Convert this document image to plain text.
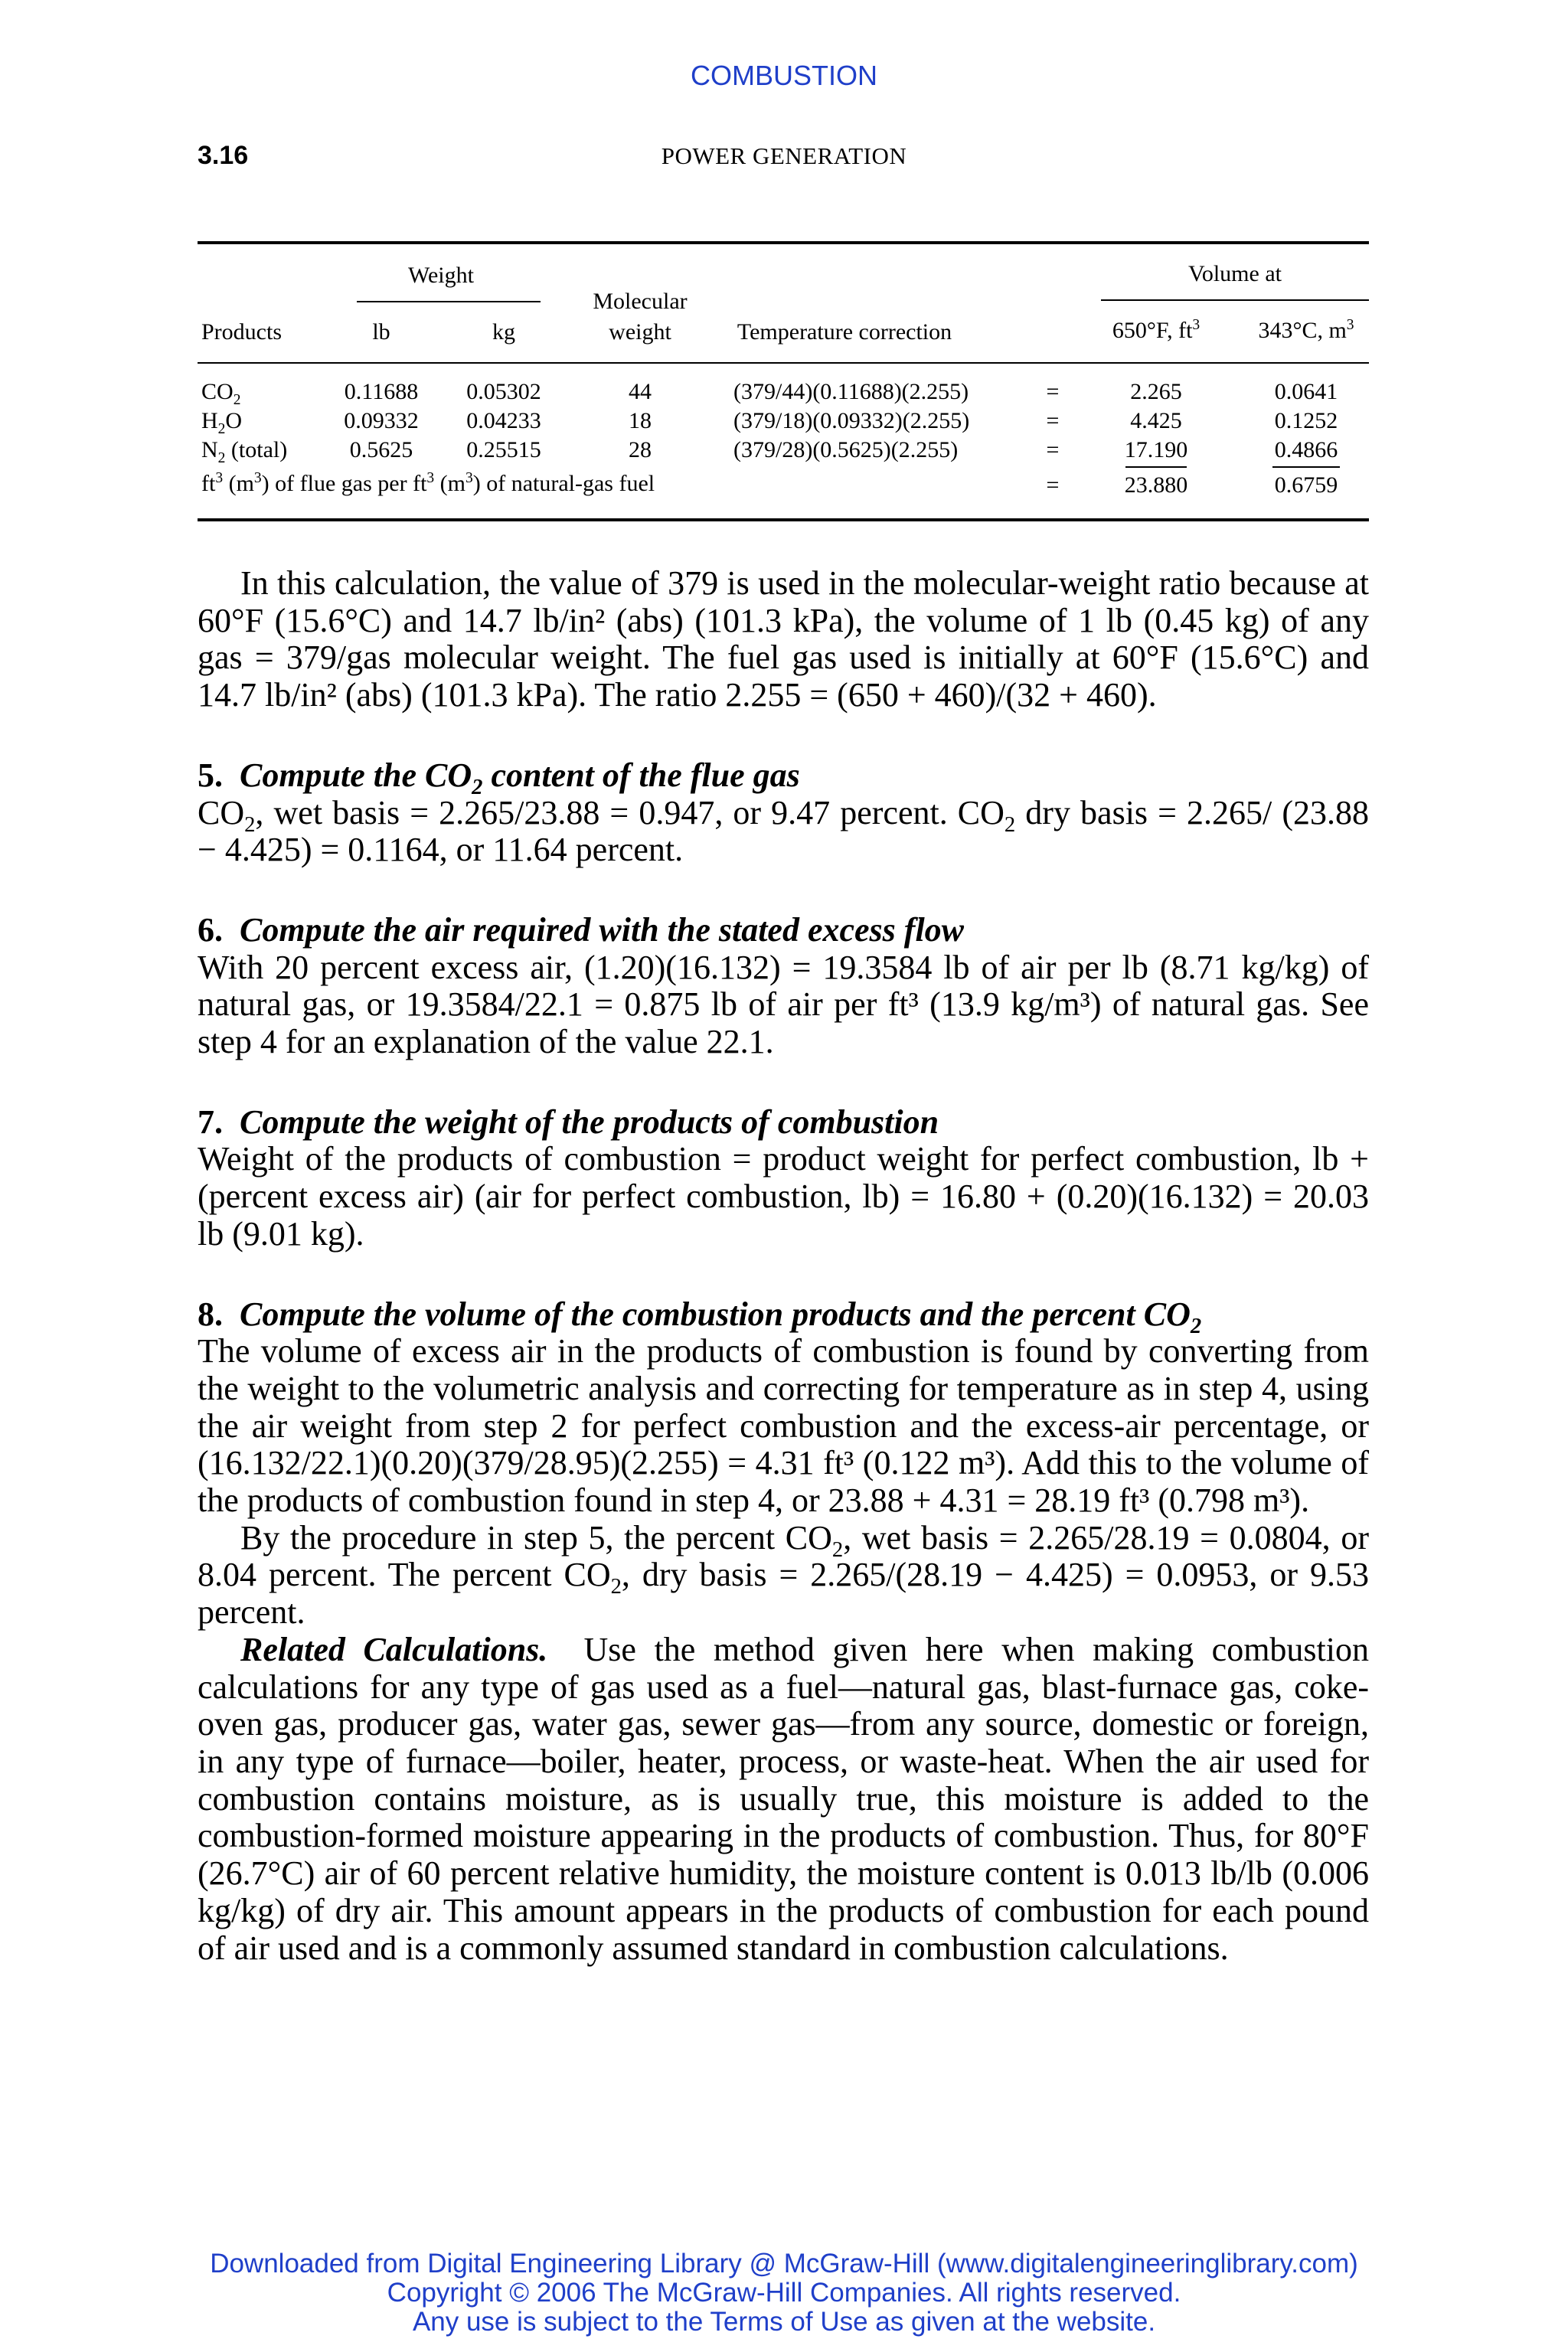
COMBUSTION
3.16	POWER GENERATION
Weight	Volume at
Molecular
Products	lb	kg	weight	Temperature correction	650°F, $ft^3$	343°C, $m^3$
$CO_2$	0.11688 0.05302	44	(379/44)(0.11688)(2.255)	=	2.265	0.0641
$H_2O$	0.09332 0.04233	18	(379/18)(0.09332)(2.255)	=	4.425	0.1252
$N_2$ (total)	0.5625 0.25515	28	(379/28)(0.5625)(2.255)	=	17.190	0.4866
$ft^3$ $(m^3)$ of flue gas per $ft^3$ $(m^3)$ of natural-gas fuel	=	23.880	0.6759

In this calculation, the value of 379 is used in the molecular-weight ratio because at 60°F (15.6°C) and 14.7 lb/in² (abs) (101.3 kPa), the volume of 1 lb (0.45 kg) of any gas = 379/gas molecular weight. The fuel gas used is initially at 60°F (15.6°C) and 14.7 lb/in² (abs) (101.3 kPa). The ratio 2.255 = (650 + 460)/(32 + 460).

5.  Compute the $CO_2$ content of the flue gas

$CO_2$, wet basis = 2.265/23.88 = 0.947, or 9.47 percent. $CO_2$ dry basis = 2.265/ (23.88 − 4.425) = 0.1164, or 11.64 percent.

6. Compute the air required with the stated excess flow

With 20 percent excess air, (1.20)(16.132) = 19.3584 lb of air per lb (8.71 kg/kg) of natural gas, or 19.3584/22.1 = 0.875 lb of air per ft³ (13.9 kg/m³) of natural gas. See step 4 for an explanation of the value 22.1.

7. Compute the weight of the products of combustion

Weight of the products of combustion = product weight for perfect combustion, lb + (percent excess air) (air for perfect combustion, lb) = 16.80 + (0.20)(16.132) = 20.03 lb (9.01 kg).

8.  Compute the volume of the combustion products and the percent $CO_2$

The volume of excess air in the products of combustion is found by converting from the weight to the volumetric analysis and correcting for temperature as in step 4, using the air weight from step 2 for perfect combustion and the excess-air percentage, or (16.132/22.1)(0.20)(379/28.95)(2.255) = 4.31 ft³ (0.122 m³). Add this to the volume of the products of combustion found in step 4, or 23.88 + 4.31 = 28.19 ft³ (0.798 m³).

By the procedure in step 5, the percent $CO_2$, wet basis = 2.265/28.19 = 0.0804, or 8.04 percent. The percent $CO_2$, dry basis = 2.265/(28.19 − 4.425) = 0.0953, or 9.53 percent.

Related Calculations. Use the method given here when making combustion calculations for any type of gas used as a fuel—natural gas, blast-furnace gas, coke-oven gas, producer gas, water gas, sewer gas—from any source, domestic or foreign, in any type of furnace—boiler, heater, process, or waste-heat. When the air used for combustion contains moisture, as is usually true, this moisture is added to the combustion-formed moisture appearing in the products of combustion. Thus, for 80°F (26.7°C) air of 60 percent relative humidity, the moisture content is 0.013 lb/lb (0.006 kg/kg) of dry air. This amount appears in the products of combustion for each pound of air used and is a commonly assumed standard in combustion calculations.

Downloaded from Digital Engineering Library @ McGraw-Hill (www.digitalengineeringlibrary.com)
Copyright © 2006 The McGraw-Hill Companies. All rights reserved.
Any use is subject to the Terms of Use as given at the website.
